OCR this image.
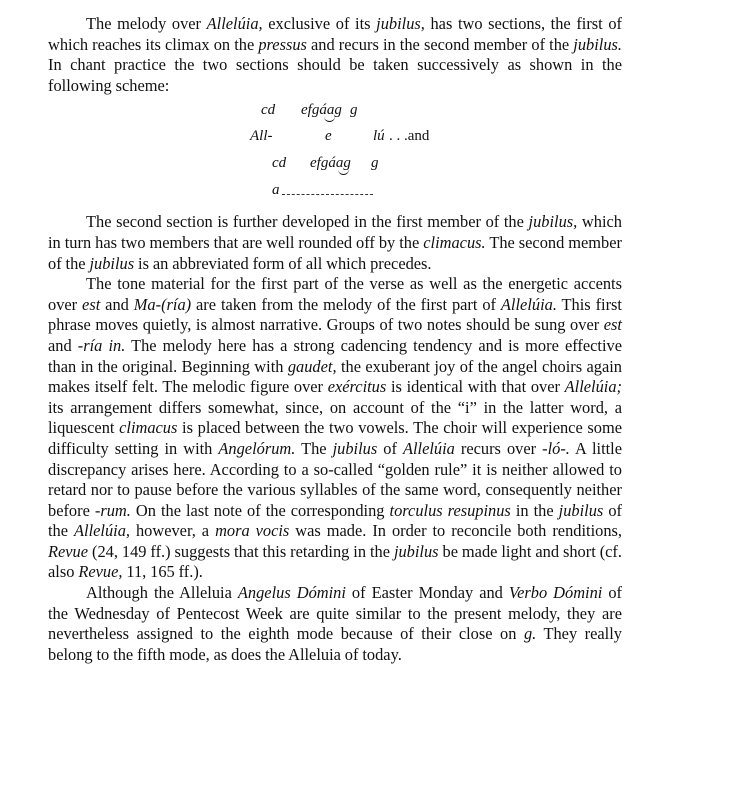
The melody over Allelúia, exclusive of its jubilus, has two sections, the first of which reaches its climax on the pressus and recurs in the second member of the jubilus. In chant practice the two sections should be taken successively as shown in the following scheme:

cd efgáag g
All-	e	lú . . .and
cd efgáag g
a

The second section is further developed in the first member of the jubilus, which in turn has two members that are well rounded off by the climacus. The second member of the jubilus is an abbreviated form of all which precedes.

The tone material for the first part of the verse as well as the energetic accents over est and Ma-(ría) are taken from the melody of the first part of Allelúia. This first phrase moves quietly, is almost narrative. Groups of two notes should be sung over est and -ría in. The melody here has a strong cadencing tendency and is more effective than in the original. Beginning with gaudet, the exuberant joy of the angel choirs again makes itself felt. The melodic figure over exércitus is identical with that over Allelúia; its arrangement differs somewhat, since, on account of the “i” in the latter word, a liquescent climacus is placed between the two vowels. The choir will experience some difficulty setting in with Angelórum. The jubilus of Allelúia recurs over -ló-. A little discrepancy arises here. According to a so-called “golden rule” it is neither allowed to retard nor to pause before the various syllables of the same word, consequently neither before -rum. On the last note of the corresponding torculus resupinus in the jubilus of the Allelúia, however, a mora vocis was made. In order to reconcile both renditions, Revue (24, 149 ff.) suggests that this retarding in the jubilus be made light and short (cf. also Revue, 11, 165 ff.).

Although the Alleluia Angelus Dómini of Easter Monday and Verbo Dómini of the Wednesday of Pentecost Week are quite similar to the present melody, they are nevertheless assigned to the eighth mode because of their close on g. They really belong to the fifth mode, as does the Alleluia of today.
